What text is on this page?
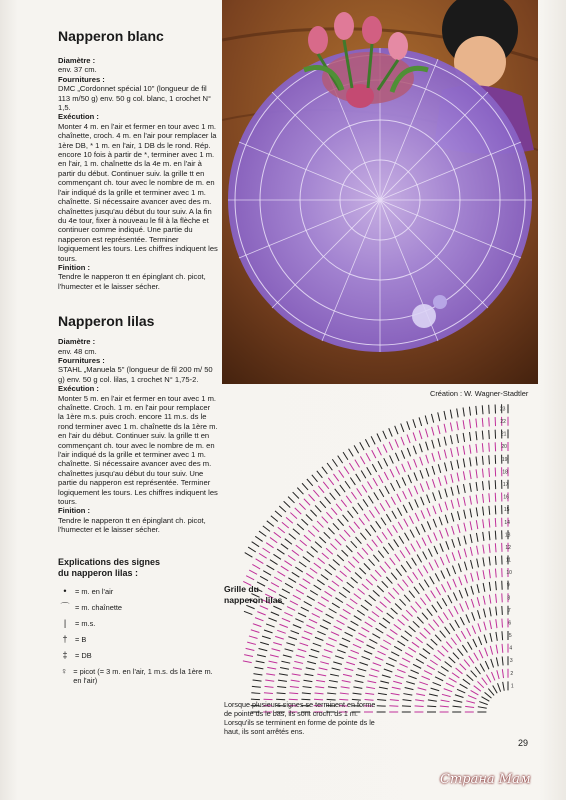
Napperon blanc

Diamètre :
env. 37 cm.

Fournitures :
DMC „Cordonnet spécial 10" (longueur de fil 113 m/50 g) env. 50 g col. blanc, 1 crochet N° 1,5.

Exécution :
Monter 4 m. en l'air et fermer en tour avec 1 m. chaînette, croch. 4 m. en l'air pour remplacer la 1ère DB, * 1 m. en l'air, 1 DB ds le rond. Rép. encore 10 fois à partir de *, terminer avec 1 m. en l'air, 1 m. chaînette ds la 4e m. en l'air à partir du début. Continuer suiv. la grille tt en commençant ch. tour avec le nombre de m. en l'air indiqué ds la grille et terminer avec 1 m. chaînette. Si nécessaire avancer avec des m. chaînettes jusqu'au début du tour suiv. A la fin du 4e tour, fixer à nouveau le fil à la flèche et continuer comme indiqué. Une partie du napperon est représentée. Terminer logiquement les tours. Les chiffres indiquent les tours.

Finition :
Tendre le napperon tt en épinglant ch. picot, l'humecter et le laisser sécher.

Napperon lilas

Diamètre :
env. 48 cm.

Fournitures :
STAHL „Manuela 5" (longueur de fil 200 m/ 50 g) env. 50 g col. lilas, 1 crochet N° 1,75-2.

Exécution :
Monter 5 m. en l'air et fermer en tour avec 1 m. chaînette. Croch. 1 m. en l'air pour remplacer la 1ère m.s. puis croch. encore 11 m.s. ds le rond terminer avec 1 m. chaînette ds la 1ère m. en l'air du début. Continuer suiv. la grille tt en commençant ch. tour avec le nombre de m. en l'air indiqué ds la grille et terminer avec 1 m. chaînette. Si nécessaire avancer avec des m. chaînettes jusqu'au début du tour suiv. Une partie du napperon est représentée. Terminer logiquement les tours. Les chiffres indiquent les tours.

Finition :
Tendre le napperon tt en épinglant ch. picot, l'humecter et le laisser sécher.

Explications des signes
du napperon lilas :
•	= m. en l'air
⌒ = m. chaînette
|	= m.s.
†	= B
‡	= DB
♀ = picot (= 3 m. en l'air, 1 m.s. ds la 1ère m. en l'air)
Création : W. Wagner-Stadtler
1
2
3
4
5
6
7
8
9
10
11
12
13
14
15
16
17
18
19
20
21
22
23
Grille du
napperon lilas
Lorsque plusieurs signes se terminent en forme de pointe ds le bas, ils sont croch. ds 1 m. Lorsqu'ils se terminent en forme de pointe ds le haut, ils sont arrêtés ens.
29
Страна Мам
